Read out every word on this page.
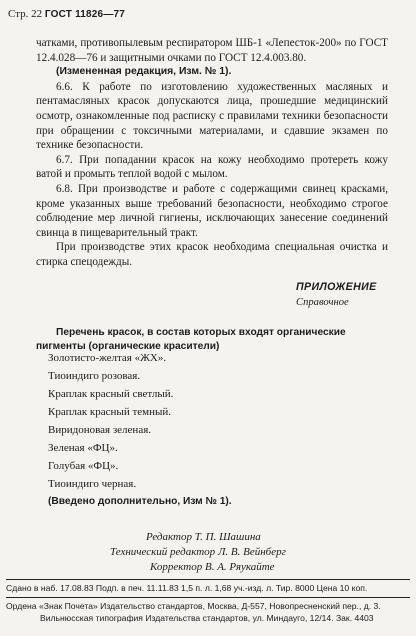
Стр. 22 ГОСТ 11826—77

чатками, противопылевым респиратором ШБ-1 «Лепесток-200» по ГОСТ 12.4.028—76 и защитными очками по ГОСТ 12.4.003.80.

(Измененная редакция, Изм. № 1).

6.6. К работе по изготовлению художественных масляных и пентамасляных красок допускаются лица, прошедшие медицинский осмотр, ознакомленные под расписку с правилами техники безопасности при обращении с токсичными материалами, и сдавшие экзамен по технике безопасности.

6.7. При попадании красок на кожу необходимо протереть кожу ватой и промыть теплой водой с мылом.

6.8. При производстве и работе с содержащими свинец красками, кроме указанных выше требований безопасности, необходимо строгое соблюдение мер личной гигиены, исключающих занесение соединений свинца в пищеварительный тракт.

При производстве этих красок необходима специальная очистка и стирка спецодежды.

ПРИЛОЖЕНИЕ
Справочное
Перечень красок, в состав которых входят органические пигменты (органические красители)
Золотисто-желтая «ЖХ».
Тиоиндиго розовая.
Краплак красный светлый.
Краплак красный темный.
Виридоновая зеленая.
Зеленая «ФЦ».
Голубая «ФЦ».
Тиоиндиго черная.
(Введено дополнительно, Изм № 1).
Редактор Т. П. Шашина
Технический редактор Л. В. Вейнберг
Корректор В. А. Ряукайте
Сдано в наб. 17.08.83 Подп. в печ. 11.11.83 1,5 п. л. 1,68 уч.-изд. л. Тир. 8000 Цена 10 коп.
Ордена «Знак Почета» Издательство стандартов, Москва, Д-557, Новопресненский пер., д. 3.
Вильнюсская типография Издательства стандартов, ул. Миндауго, 12/14. Зак. 4403
